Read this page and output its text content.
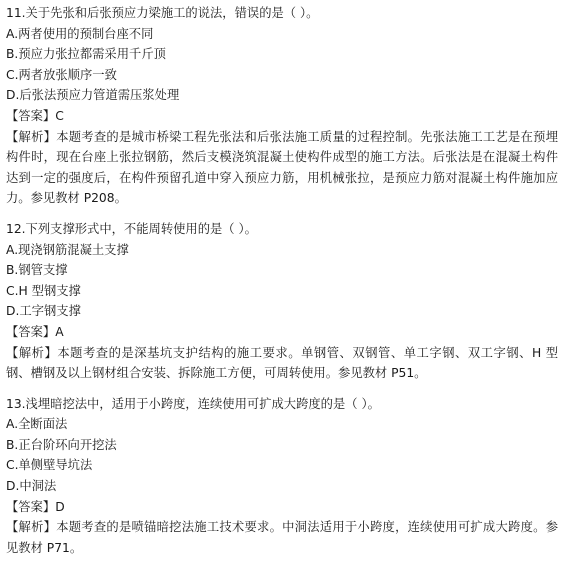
11.关于先张和后张预应力梁施工的说法，错误的是（ ）。
A.两者使用的预制台座不同
B.预应力张拉都需采用千斤顶
C.两者放张顺序一致
D.后张法预应力管道需压浆处理
【答案】C
【解析】本题考查的是城市桥梁工程先张法和后张法施工质量的过程控制。先张法施工工艺是在预埋构件时，现在台座上张拉钢筋，然后支模浇筑混凝土使构件成型的施工方法。后张法是在混凝土构件达到一定的强度后，在构件预留孔道中穿入预应力筋，用机械张拉，是预应力筋对混凝土构件施加应力。参见教材 P208。
12.下列支撑形式中，不能周转使用的是（ ）。
A.现浇钢筋混凝土支撑
B.钢管支撑
C.H 型钢支撑
D.工字钢支撑
【答案】A
【解析】本题考查的是深基坑支护结构的施工要求。单钢管、双钢管、单工字钢、双工字钢、H 型钢、槽钢及以上钢材组合安装、拆除施工方便，可周转使用。参见教材 P51。
13.浅埋暗挖法中，适用于小跨度，连续使用可扩成大跨度的是（ ）。
A.全断面法
B.正台阶环向开挖法
C.单侧壁导坑法
D.中洞法
【答案】D
【解析】本题考查的是喷锚暗挖法施工技术要求。中洞法适用于小跨度，连续使用可扩成大跨度。参见教材 P71。
